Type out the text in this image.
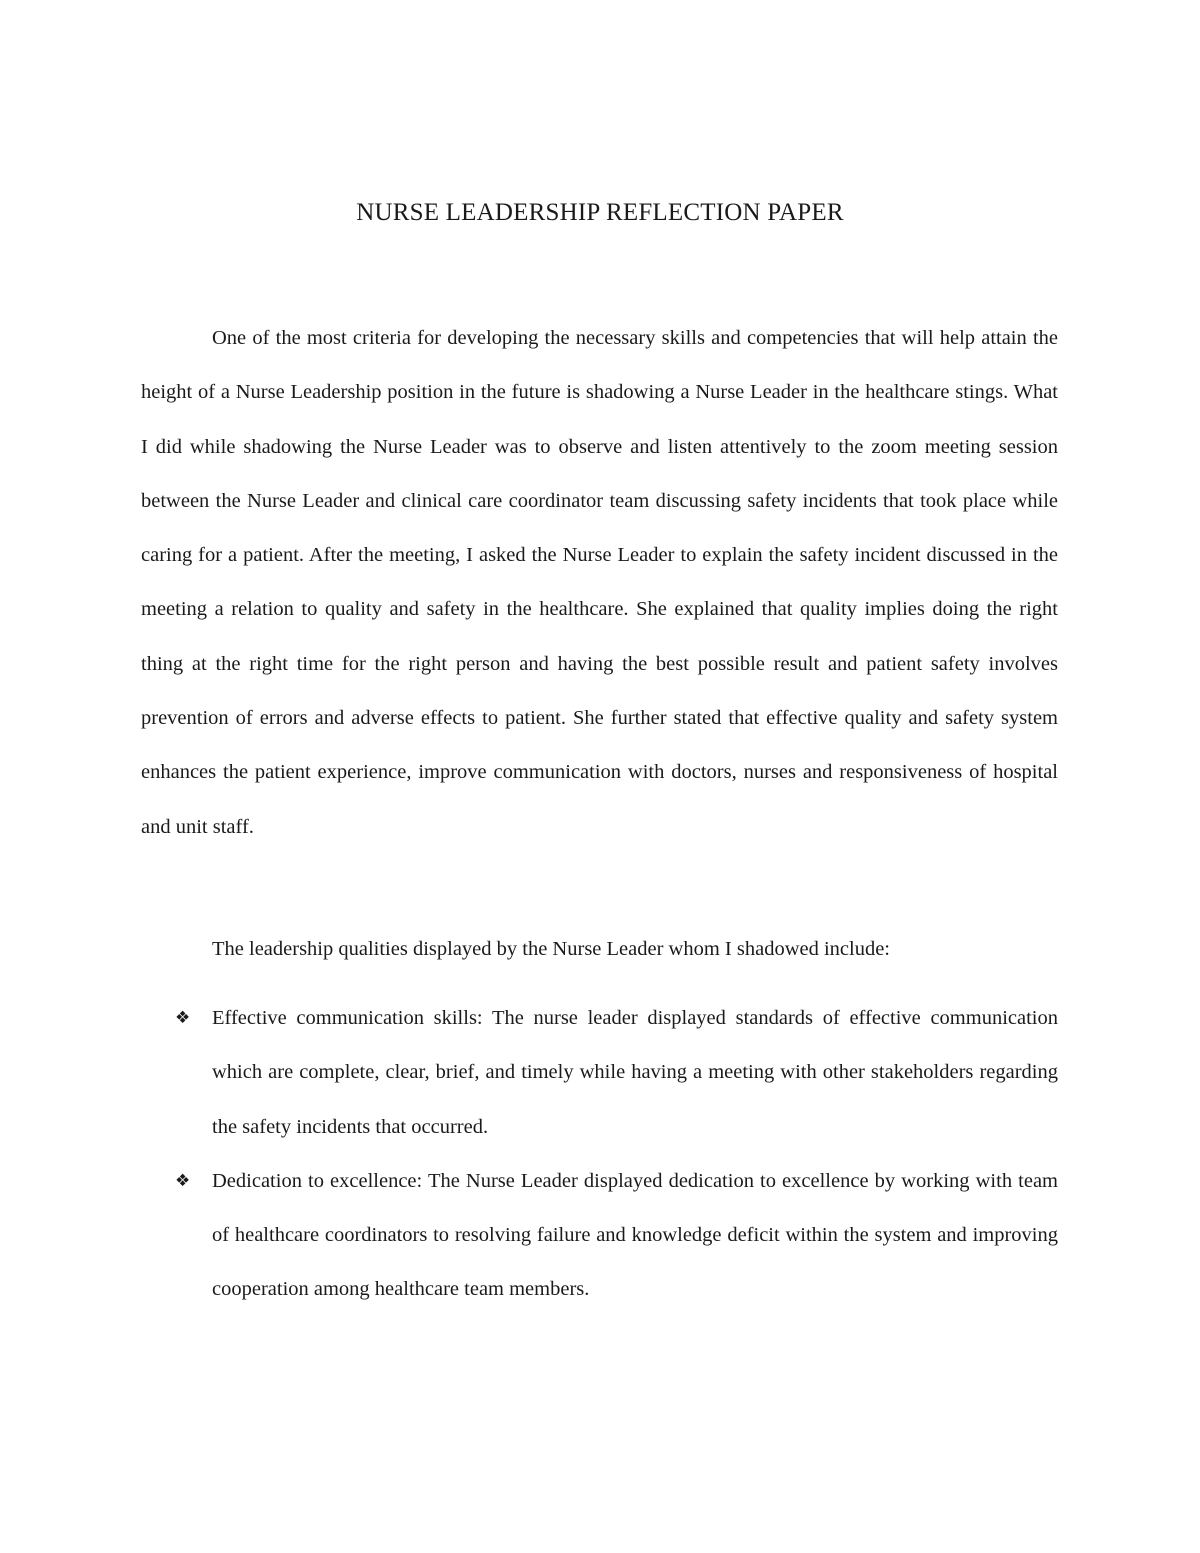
NURSE LEADERSHIP REFLECTION PAPER

One of the most criteria for developing the necessary skills and competencies that will help attain the height of a Nurse Leadership position in the future is shadowing a Nurse Leader in the healthcare stings. What I did while shadowing the Nurse Leader was to observe and listen attentively to the zoom meeting session between the Nurse Leader and clinical care coordinator team discussing safety incidents that took place while caring for a patient. After the meeting, I asked the Nurse Leader to explain the safety incident discussed in the meeting a relation to quality and safety in the healthcare. She explained that quality implies doing the right thing at the right time for the right person and having the best possible result and patient safety involves prevention of errors and adverse effects to patient. She further stated that effective quality and safety system enhances the patient experience, improve communication with doctors, nurses and responsiveness of hospital and unit staff.

The leadership qualities displayed by the Nurse Leader whom I shadowed include:

❖ Effective communication skills: The nurse leader displayed standards of effective communication which are complete, clear, brief, and timely while having a meeting with other stakeholders regarding the safety incidents that occurred.
❖ Dedication to excellence: The Nurse Leader displayed dedication to excellence by working with team of healthcare coordinators to resolving failure and knowledge deficit within the system and improving cooperation among healthcare team members.
